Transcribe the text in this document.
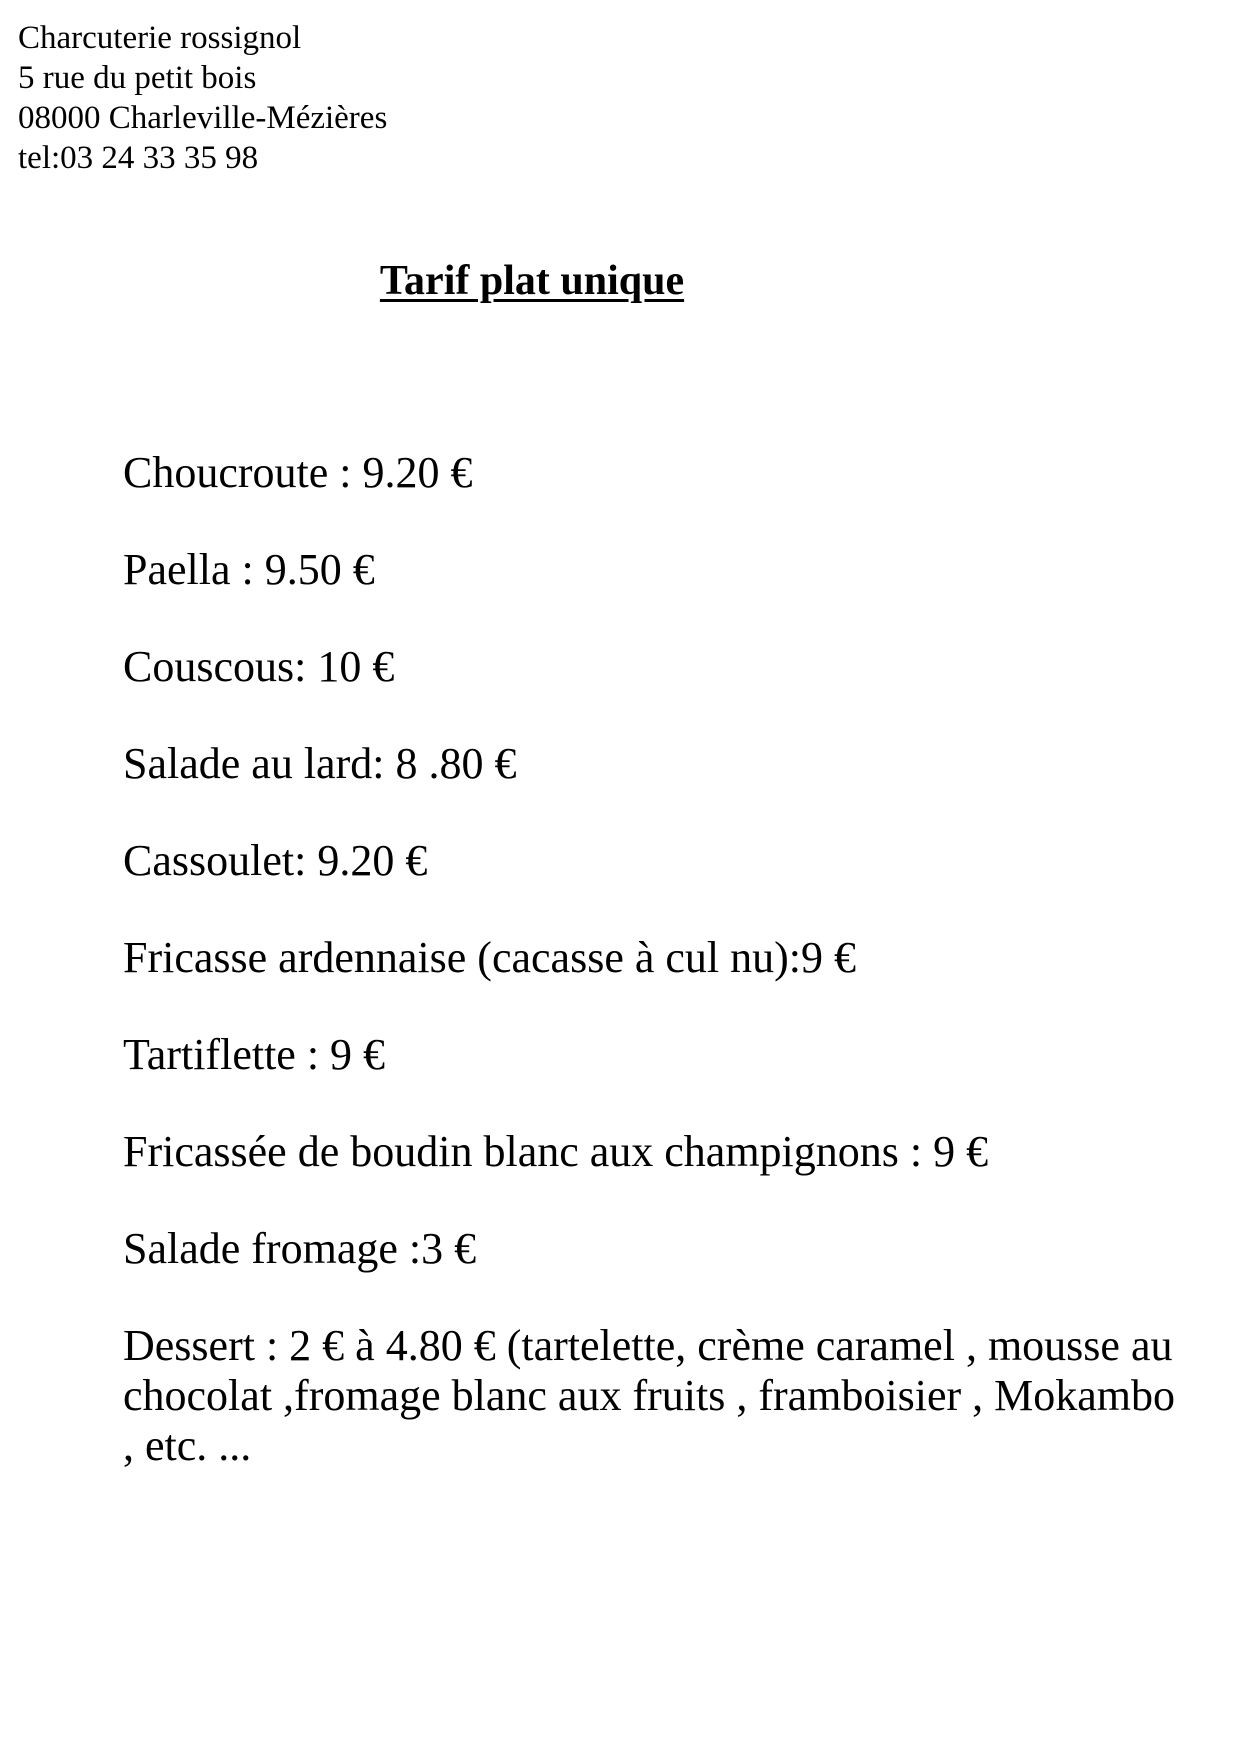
Charcuterie rossignol
5 rue du petit bois
08000 Charleville-Mézières
tel:03 24 33 35 98
Tarif plat unique
Choucroute : 9.20 €
Paella : 9.50 €
Couscous: 10 €
Salade au lard: 8 .80 €
Cassoulet: 9.20 €
Fricasse ardennaise (cacasse à cul nu):9 €
Tartiflette : 9 €
Fricassée de boudin blanc aux champignons : 9 €
Salade fromage :3 €
Dessert : 2 € à 4.80 € (tartelette, crème caramel , mousse au chocolat ,fromage blanc aux fruits , framboisier , Mokambo , etc. ...
